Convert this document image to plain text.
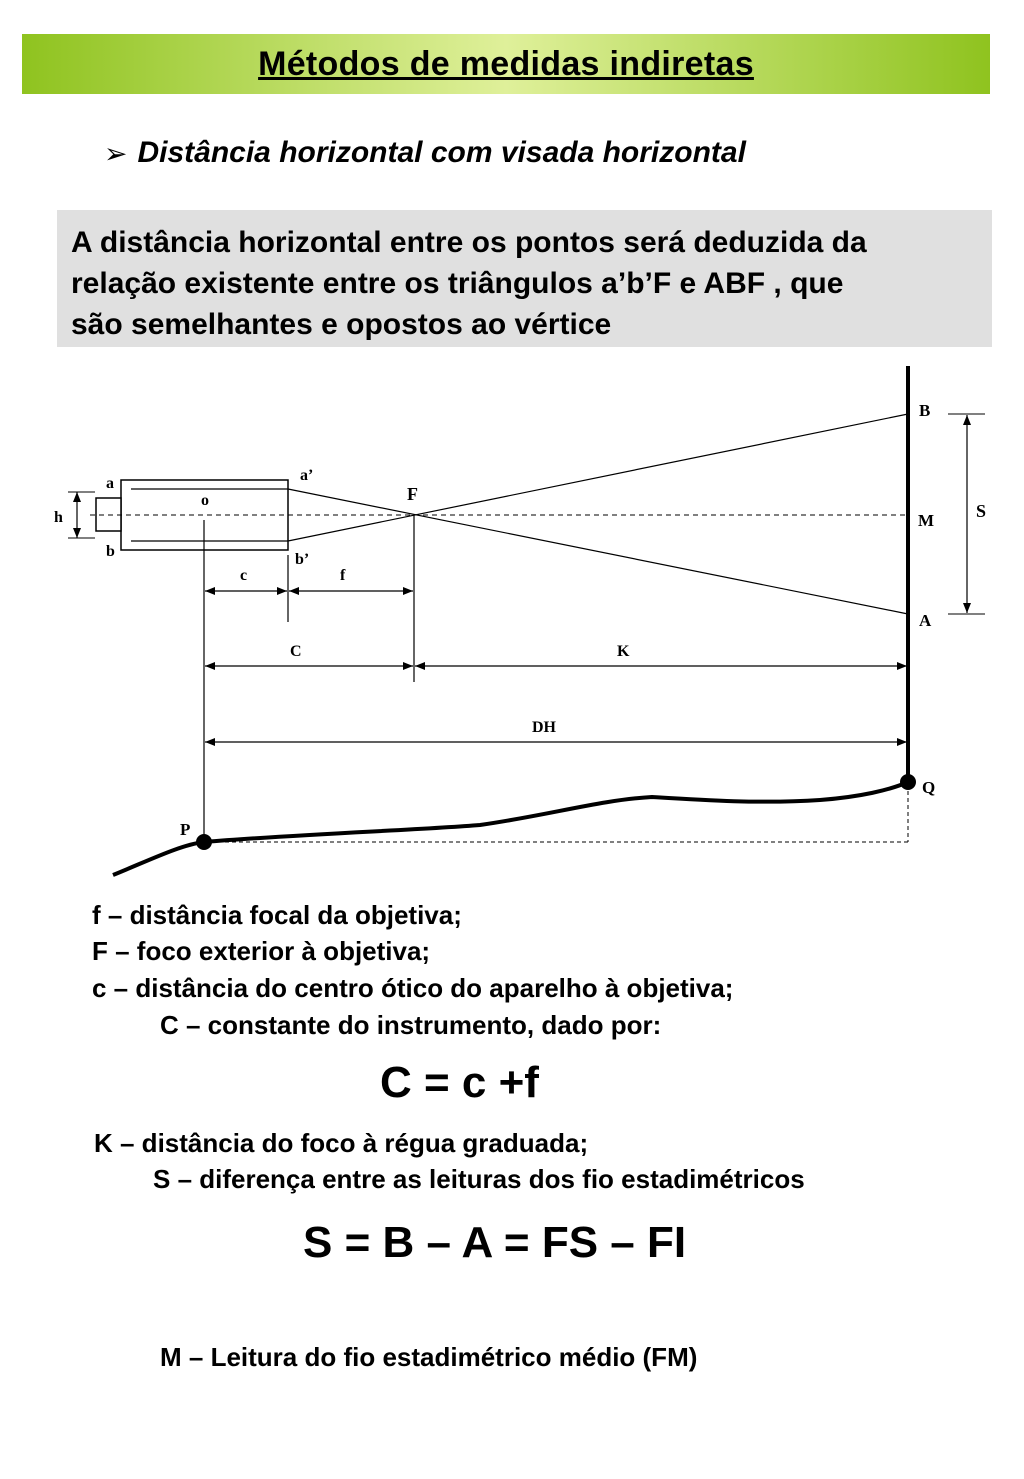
Métodos de medidas indiretas
➢ Distância horizontal com visada horizontal

A distância horizontal entre os pontos será deduzida da

relação existente entre os triângulos a’b’F e ABF , que

são semelhantes e opostos ao vértice

a
b
h
o
a’
b’
F
B
M
A
S
c	f
C	K
DH
P
Q
f – distância focal da objetiva;
F – foco exterior à objetiva;
c – distância do centro ótico do aparelho à objetiva;
C – constante do instrumento, dado por:
C = c +f
K – distância do foco à régua graduada;
S – diferença entre as leituras dos fio estadimétricos
S = B – A = FS – FI
M – Leitura do fio estadimétrico médio (FM)
